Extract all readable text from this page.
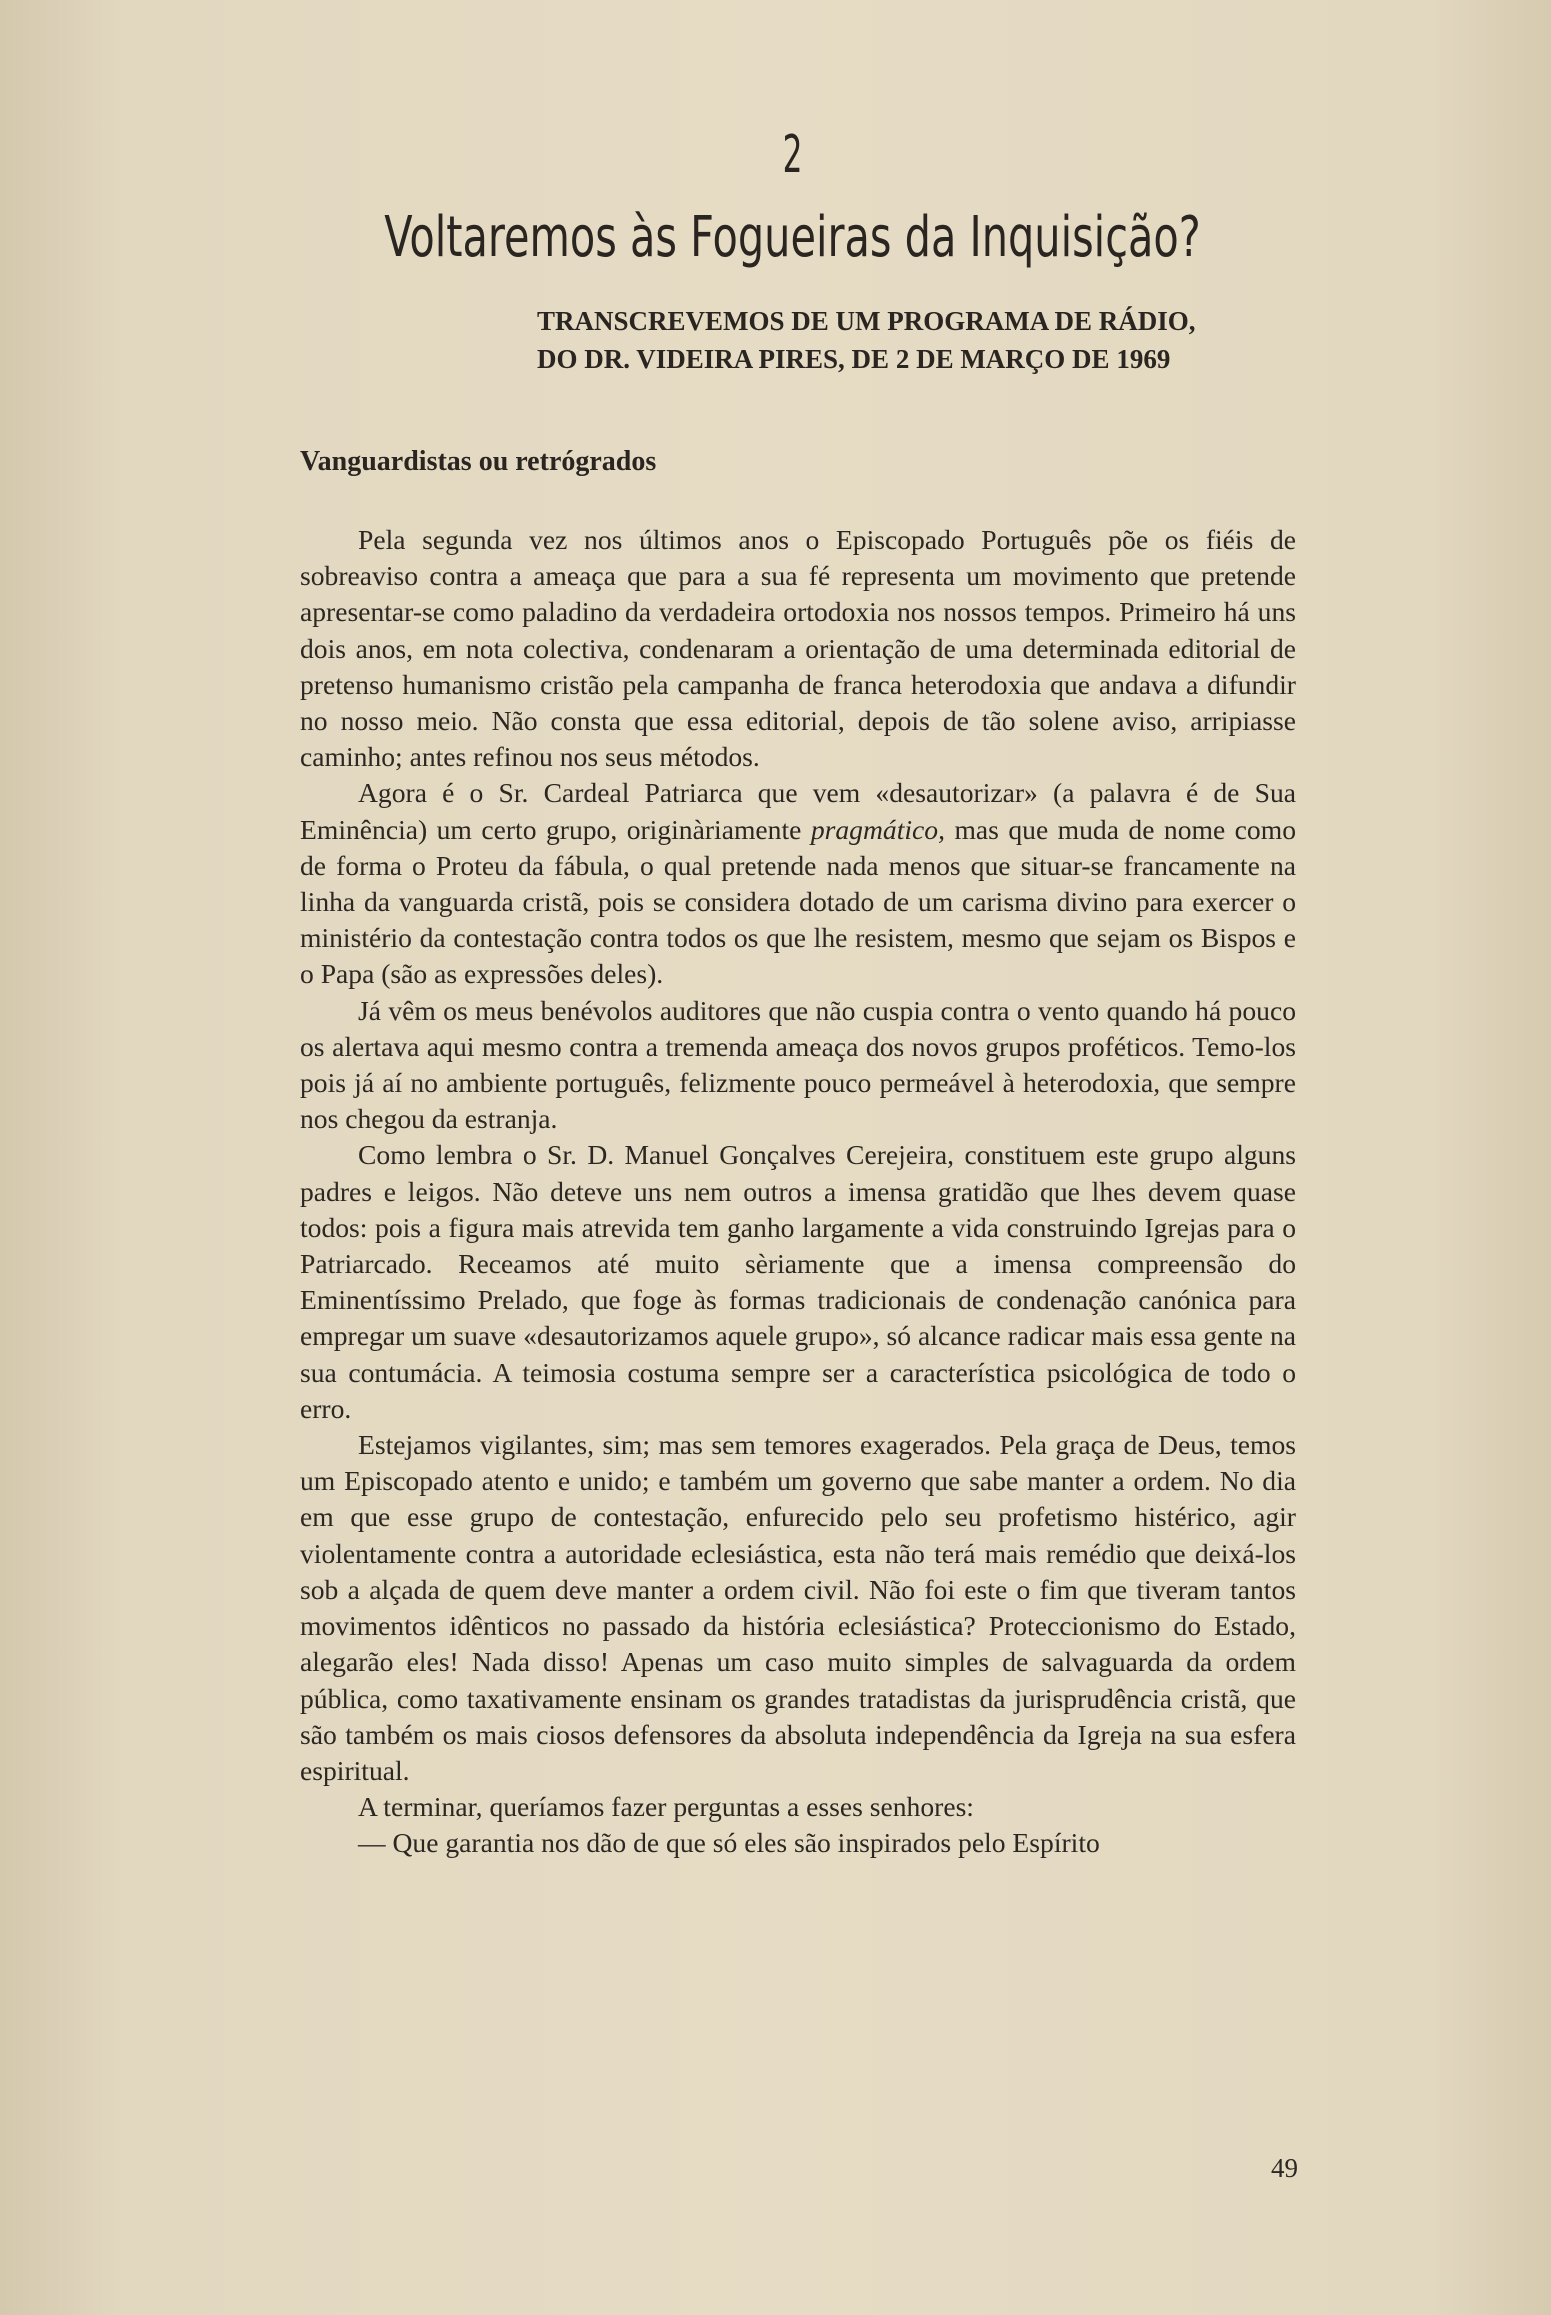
2
Voltaremos às Fogueiras da Inquisição?
TRANSCREVEMOS DE UM PROGRAMA DE RÁDIO,
DO DR. VIDEIRA PIRES, DE 2 DE MARÇO DE 1969
Vanguardistas ou retrógrados

Pela segunda vez nos últimos anos o Episcopado Português põe os fiéis de sobreaviso contra a ameaça que para a sua fé representa um movimento que pretende apresentar-se como paladino da verdadeira ortodoxia nos nossos tempos. Primeiro há uns dois anos, em nota colectiva, condenaram a orientação de uma determinada editorial de pretenso humanismo cristão pela campanha de franca heterodoxia que andava a difundir no nosso meio. Não consta que essa editorial, depois de tão solene aviso, arripiasse caminho; antes refinou nos seus métodos.

Agora é o Sr. Cardeal Patriarca que vem «desautorizar» (a palavra é de Sua Eminência) um certo grupo, originàriamente pragmático, mas que muda de nome como de forma o Proteu da fábula, o qual pretende nada menos que situar-se francamente na linha da vanguarda cristã, pois se considera dotado de um carisma divino para exercer o ministério da contestação contra todos os que lhe resistem, mesmo que sejam os Bispos e o Papa (são as expressões deles).

Já vêm os meus benévolos auditores que não cuspia contra o vento quando há pouco os alertava aqui mesmo contra a tremenda ameaça dos novos grupos proféticos. Temo-los pois já aí no ambiente português, felizmente pouco permeável à heterodoxia, que sempre nos chegou da estranja.

Como lembra o Sr. D. Manuel Gonçalves Cerejeira, constituem este grupo alguns padres e leigos. Não deteve uns nem outros a imensa gratidão que lhes devem quase todos: pois a figura mais atrevida tem ganho largamente a vida construindo Igrejas para o Patriarcado. Receamos até muito sèriamente que a imensa compreensão do Eminentíssimo Prelado, que foge às formas tradicionais de condenação canónica para empregar um suave «desautorizamos aquele grupo», só alcance radicar mais essa gente na sua contumácia. A teimosia costuma sempre ser a característica psicológica de todo o erro.

Estejamos vigilantes, sim; mas sem temores exagerados. Pela graça de Deus, temos um Episcopado atento e unido; e também um governo que sabe manter a ordem. No dia em que esse grupo de contestação, enfurecido pelo seu profetismo histérico, agir violentamente contra a autoridade eclesiástica, esta não terá mais remédio que deixá-los sob a alçada de quem deve manter a ordem civil. Não foi este o fim que tiveram tantos movimentos idênticos no passado da história eclesiástica? Proteccionismo do Estado, alegarão eles! Nada disso! Apenas um caso muito simples de salvaguarda da ordem pública, como taxativamente ensinam os grandes tratadistas da jurisprudência cristã, que são também os mais ciosos defensores da absoluta independência da Igreja na sua esfera espiritual.

A terminar, queríamos fazer perguntas a esses senhores:

— Que garantia nos dão de que só eles são inspirados pelo Espírito

49
